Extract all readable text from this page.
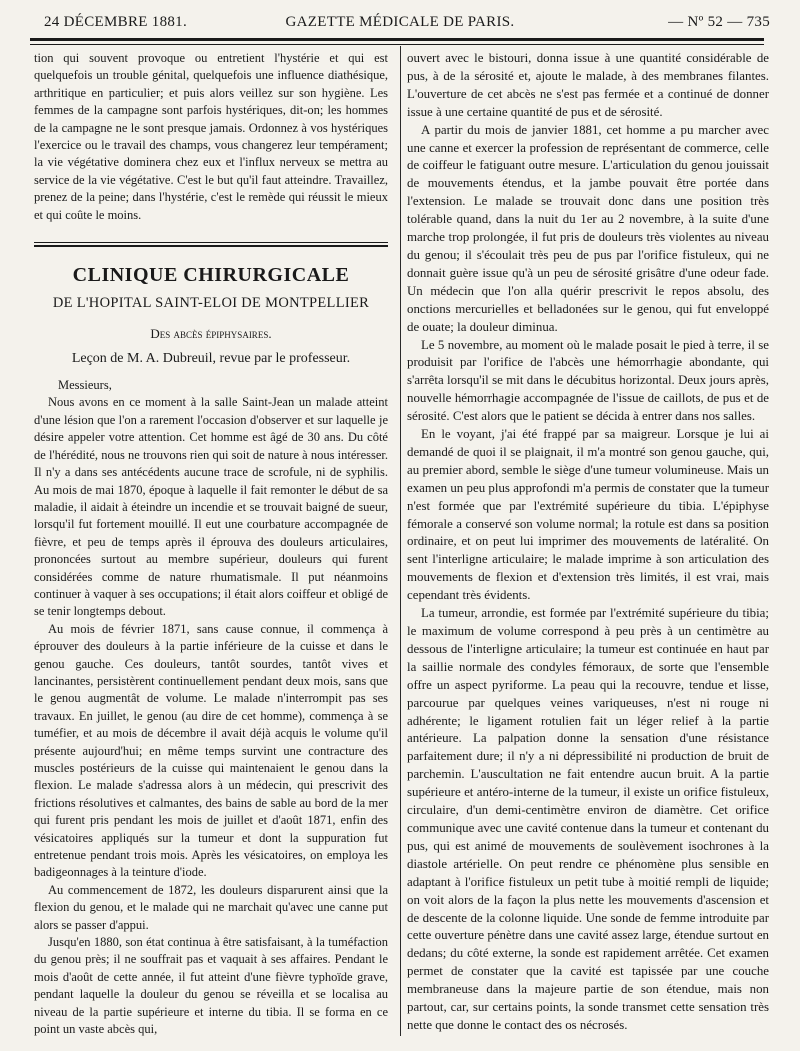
24 DÉCEMBRE 1881.	GAZETTE MÉDICALE DE PARIS.	— Nº 52 — 735

tion qui souvent provoque ou entretient l'hystérie et qui est quelquefois un trouble génital, quelquefois une influence diathésique, arthritique en particulier; et puis alors veillez sur son hygiène. Les femmes de la campagne sont parfois hystériques, dit-on; les hommes de la campagne ne le sont presque jamais. Ordonnez à vos hystériques l'exercice ou le travail des champs, vous changerez leur tempérament; la vie végétative dominera chez eux et l'influx nerveux se mettra au service de la vie végétative. C'est le but qu'il faut atteindre. Travaillez, prenez de la peine; dans l'hystérie, c'est le remède qui réussit le mieux et qui coûte le moins.

CLINIQUE CHIRURGICALE
DE L'HOPITAL SAINT-ELOI DE MONTPELLIER
Des abcès épiphysaires.
Leçon de M. A. Dubreuil, revue par le professeur.

Messieurs,

Nous avons en ce moment à la salle Saint-Jean un malade atteint d'une lésion que l'on a rarement l'occasion d'observer et sur laquelle je désire appeler votre attention. Cet homme est âgé de 30 ans. Du côté de l'hérédité, nous ne trouvons rien qui soit de nature à nous intéresser. Il n'y a dans ses antécédents aucune trace de scrofule, ni de syphilis. Au mois de mai 1870, époque à laquelle il fait remonter le début de sa maladie, il aidait à éteindre un incendie et se trouvait baigné de sueur, lorsqu'il fut fortement mouillé. Il eut une courbature accompagnée de fièvre, et peu de temps après il éprouva des douleurs articulaires, prononcées surtout au membre supérieur, douleurs qui furent considérées comme de nature rhumatismale. Il put néanmoins continuer à vaquer à ses occupations; il était alors coiffeur et obligé de se tenir longtemps debout.

Au mois de février 1871, sans cause connue, il commença à éprouver des douleurs à la partie inférieure de la cuisse et dans le genou gauche. Ces douleurs, tantôt sourdes, tantôt vives et lancinantes, persistèrent continuellement pendant deux mois, sans que le genou augmentât de volume. Le malade n'interrompit pas ses travaux. En juillet, le genou (au dire de cet homme), commença à se tuméfier, et au mois de décembre il avait déjà acquis le volume qu'il présente aujourd'hui; en même temps survint une contracture des muscles postérieurs de la cuisse qui maintenaient le genou dans la flexion. Le malade s'adressa alors à un médecin, qui prescrivit des frictions résolutives et calmantes, des bains de sable au bord de la mer qui furent pris pendant les mois de juillet et d'août 1871, enfin des vésicatoires appliqués sur la tumeur et dont la suppuration fut entretenue pendant trois mois. Après les vésicatoires, on employa les badigeonnages à la teinture d'iode.

Au commencement de 1872, les douleurs disparurent ainsi que la flexion du genou, et le malade qui ne marchait qu'avec une canne put alors se passer d'appui.

Jusqu'en 1880, son état continua à être satisfaisant, à la tuméfaction du genou près; il ne souffrait pas et vaquait à ses affaires. Pendant le mois d'août de cette année, il fut atteint d'une fièvre typhoïde grave, pendant laquelle la douleur du genou se réveilla et se localisa au niveau de la partie supérieure et interne du tibia. Il se forma en ce point un vaste abcès qui,

ouvert avec le bistouri, donna issue à une quantité considérable de pus, à de la sérosité et, ajoute le malade, à des membranes filantes. L'ouverture de cet abcès ne s'est pas fermée et a continué de donner issue à une certaine quantité de pus et de sérosité.

A partir du mois de janvier 1881, cet homme a pu marcher avec une canne et exercer la profession de représentant de commerce, celle de coiffeur le fatiguant outre mesure. L'articulation du genou jouissait de mouvements étendus, et la jambe pouvait être portée dans l'extension. Le malade se trouvait donc dans une position très tolérable quand, dans la nuit du 1er au 2 novembre, à la suite d'une marche trop prolongée, il fut pris de douleurs très violentes au niveau du genou; il s'écoulait très peu de pus par l'orifice fistuleux, qui ne donnait guère issue qu'à un peu de sérosité grisâtre d'une odeur fade. Un médecin que l'on alla quérir prescrivit le repos absolu, des onctions mercurielles et belladonées sur le genou, qui fut enveloppé de ouate; la douleur diminua.

Le 5 novembre, au moment où le malade posait le pied à terre, il se produisit par l'orifice de l'abcès une hémorrhagie abondante, qui s'arrêta lorsqu'il se mit dans le décubitus horizontal. Deux jours après, nouvelle hémorrhagie accompagnée de l'issue de caillots, de pus et de sérosité. C'est alors que le patient se décida à entrer dans nos salles.

En le voyant, j'ai été frappé par sa maigreur. Lorsque je lui ai demandé de quoi il se plaignait, il m'a montré son genou gauche, qui, au premier abord, semble le siège d'une tumeur volumineuse. Mais un examen un peu plus approfondi m'a permis de constater que la tumeur n'est formée que par l'extrémité supérieure du tibia. L'épiphyse fémorale a conservé son volume normal; la rotule est dans sa position ordinaire, et on peut lui imprimer des mouvements de latéralité. On sent l'interligne articulaire; le malade imprime à son articulation des mouvements de flexion et d'extension très limités, il est vrai, mais cependant très évidents.

La tumeur, arrondie, est formée par l'extrémité supérieure du tibia; le maximum de volume correspond à peu près à un centimètre au dessous de l'interligne articulaire; la tumeur est continuée en haut par la saillie normale des condyles fémoraux, de sorte que l'ensemble offre un aspect pyriforme. La peau qui la recouvre, tendue et lisse, parcourue par quelques veines variqueuses, n'est ni rouge ni adhérente; le ligament rotulien fait un léger relief à la partie antérieure. La palpation donne la sensation d'une résistance parfaitement dure; il n'y a ni dépressibilité ni production de bruit de parchemin. L'auscultation ne fait entendre aucun bruit. A la partie supérieure et antéro-interne de la tumeur, il existe un orifice fistuleux, circulaire, d'un demi-centimètre environ de diamètre. Cet orifice communique avec une cavité contenue dans la tumeur et contenant du pus, qui est animé de mouvements de soulèvement isochrones à la diastole artérielle. On peut rendre ce phénomène plus sensible en adaptant à l'orifice fistuleux un petit tube à moitié rempli de liquide; on voit alors de la façon la plus nette les mouvements d'ascension et de descente de la colonne liquide. Une sonde de femme introduite par cette ouverture pénètre dans une cavité assez large, étendue surtout en dedans; du côté externe, la sonde est rapidement arrêtée. Cet examen permet de constater que la cavité est tapissée par une couche membraneuse dans la majeure partie de son étendue, mais non partout, car, sur certains points, la sonde transmet cette sensation très nette que donne le contact des os nécrosés.
